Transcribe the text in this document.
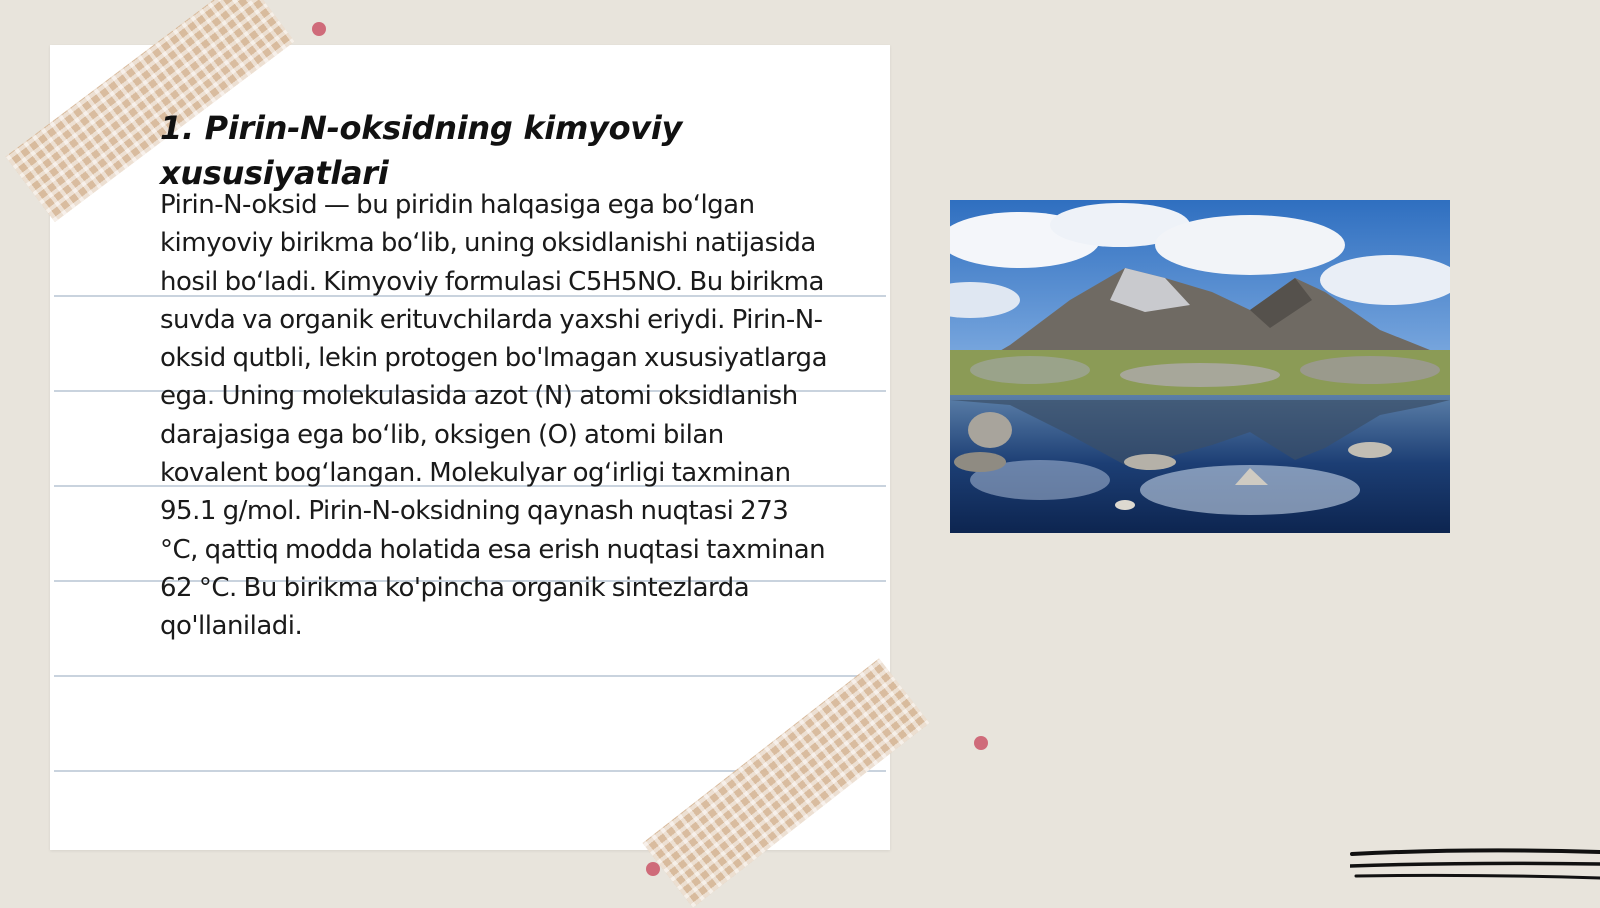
1. Pirin-N-oksidning kimyoviy xususiyatlari

Pirin-N-oksid — bu piridin halqasiga ega boʻlgan kimyoviy birikma boʻlib, uning oksidlanishi natijasida hosil boʻladi. Kimyoviy formulasi C5H5NO. Bu birikma suvda va organik erituvchilarda yaxshi eriydi. Pirin-N-oksid qutbli, lekin protogen bo'lmagan xususiyatlarga ega. Uning molekulasida azot (N) atomi oksidlanish darajasiga ega boʻlib, oksigen (O) atomi bilan kovalent bogʻlangan. Molekulyar ogʻirligi taxminan 95.1 g/mol. Pirin-N-oksidning qaynash nuqtasi 273 °C, qattiq modda holatida esa erish nuqtasi taxminan 62 °C. Bu birikma ko'pincha organik sintezlarda qo'llaniladi.
